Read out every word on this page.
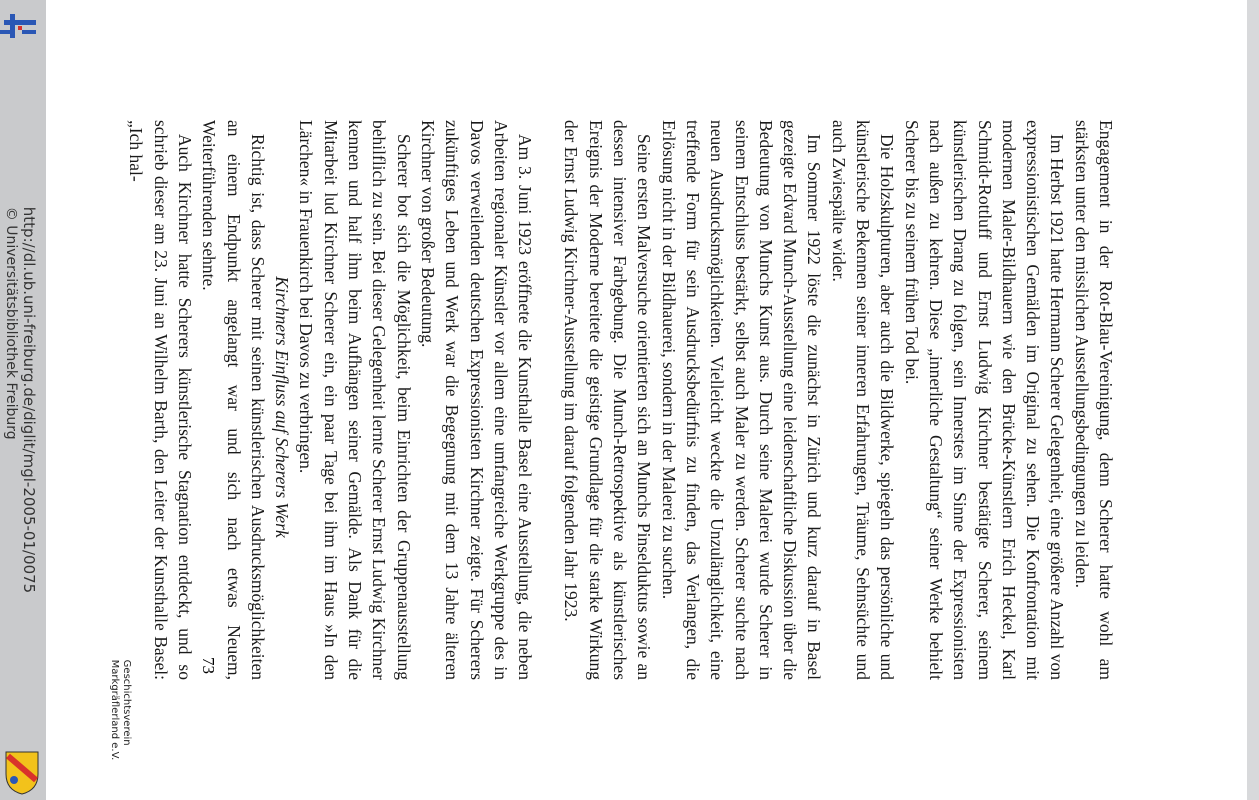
http://dl.ub.uni-freiburg.de/diglit/mgl-2005-01/0075
© Universitätsbibliothek Freiburg
Geschichtsverein
Markgräflerland e.V.

Engagement in der Rot-Blau-Vereinigung, denn Scherer hatte wohl am stärksten unter den misslichen Ausstellungsbedingungen zu leiden.

Im Herbst 1921 hatte Hermann Scherer Gelegenheit, eine größere Anzahl von expressionistischen Gemälden im Original zu sehen. Die Konfrontation mit modernen Maler-Bildhauern wie den Brücke-Künstlern Erich Heckel, Karl Schmidt-Rottluff und Ernst Ludwig Kirchner bestätigte Scherer, seinem künstlerischen Drang zu folgen, sein Innerstes im Sinne der Expressionisten nach außen zu kehren. Diese „innerliche Gestaltung“ seiner Werke behielt Scherer bis zu seinem frühen Tod bei.

Die Holzskulpturen, aber auch die Bildwerke, spiegeln das persönliche und künstlerische Bekennen seiner inneren Erfahrungen, Träume, Sehnsüchte und auch Zwiespälte wider.

Im Sommer 1922 löste die zunächst in Zürich und kurz darauf in Basel gezeigte Edvard Munch-Ausstellung eine leidenschaftliche Diskussion über die Bedeutung von Munchs Kunst aus. Durch seine Malerei wurde Scherer in seinem Entschluss bestärkt, selbst auch Maler zu werden. Scherer suchte nach neuen Ausdrucksmöglichkeiten. Vielleicht weckte die Unzulänglichkeit, eine treffende Form für sein Ausdrucksbedürfnis zu finden, das Verlangen, die Erlösung nicht in der Bildhauerei, sondern in der Malerei zu suchen.

Seine ersten Malversuche orientierten sich an Munchs Pinselduktus sowie an dessen intensiver Farbgebung. Die Munch-Retrospektive als künstlerisches Ereignis der Moderne bereitete die geistige Grundlage für die starke Wirkung der Ernst Ludwig Kirchner-Ausstellung im darauf folgenden Jahr 1923.

Am 3. Juni 1923 eröffnete die Kunsthalle Basel eine Ausstellung, die neben Arbeiten regionaler Künstler vor allem eine umfangreiche Werkgruppe des in Davos verweilenden deutschen Expressionisten Kirchner zeigte. Für Scherers zukünftiges Leben und Werk war die Begegnung mit dem 13 Jahre älteren Kirchner von großer Bedeutung.

Scherer bot sich die Möglichkeit, beim Einrichten der Gruppenausstellung behilflich zu sein. Bei dieser Gelegenheit lernte Scherer Ernst Ludwig Kirchner kennen und half ihm beim Aufhängen seiner Gemälde. Als Dank für die Mitarbeit lud Kirchner Scherer ein, ein paar Tage bei ihm im Haus »In den Lärchen« in Frauenkirch bei Davos zu verbringen.

Kirchners Einfluss auf Scherers Werk

Richtig ist, dass Scherer mit seinen künstlerischen Ausdrucksmöglichkeiten an einem Endpunkt angelangt war und sich nach etwas Neuem, Weiterführenden sehnte.

Auch Kirchner hatte Scherers künstlerische Stagnation entdeckt, und so schrieb dieser am 23. Juni an Wilhelm Barth, den Leiter der Kunsthalle Basel: „Ich hal-

73
